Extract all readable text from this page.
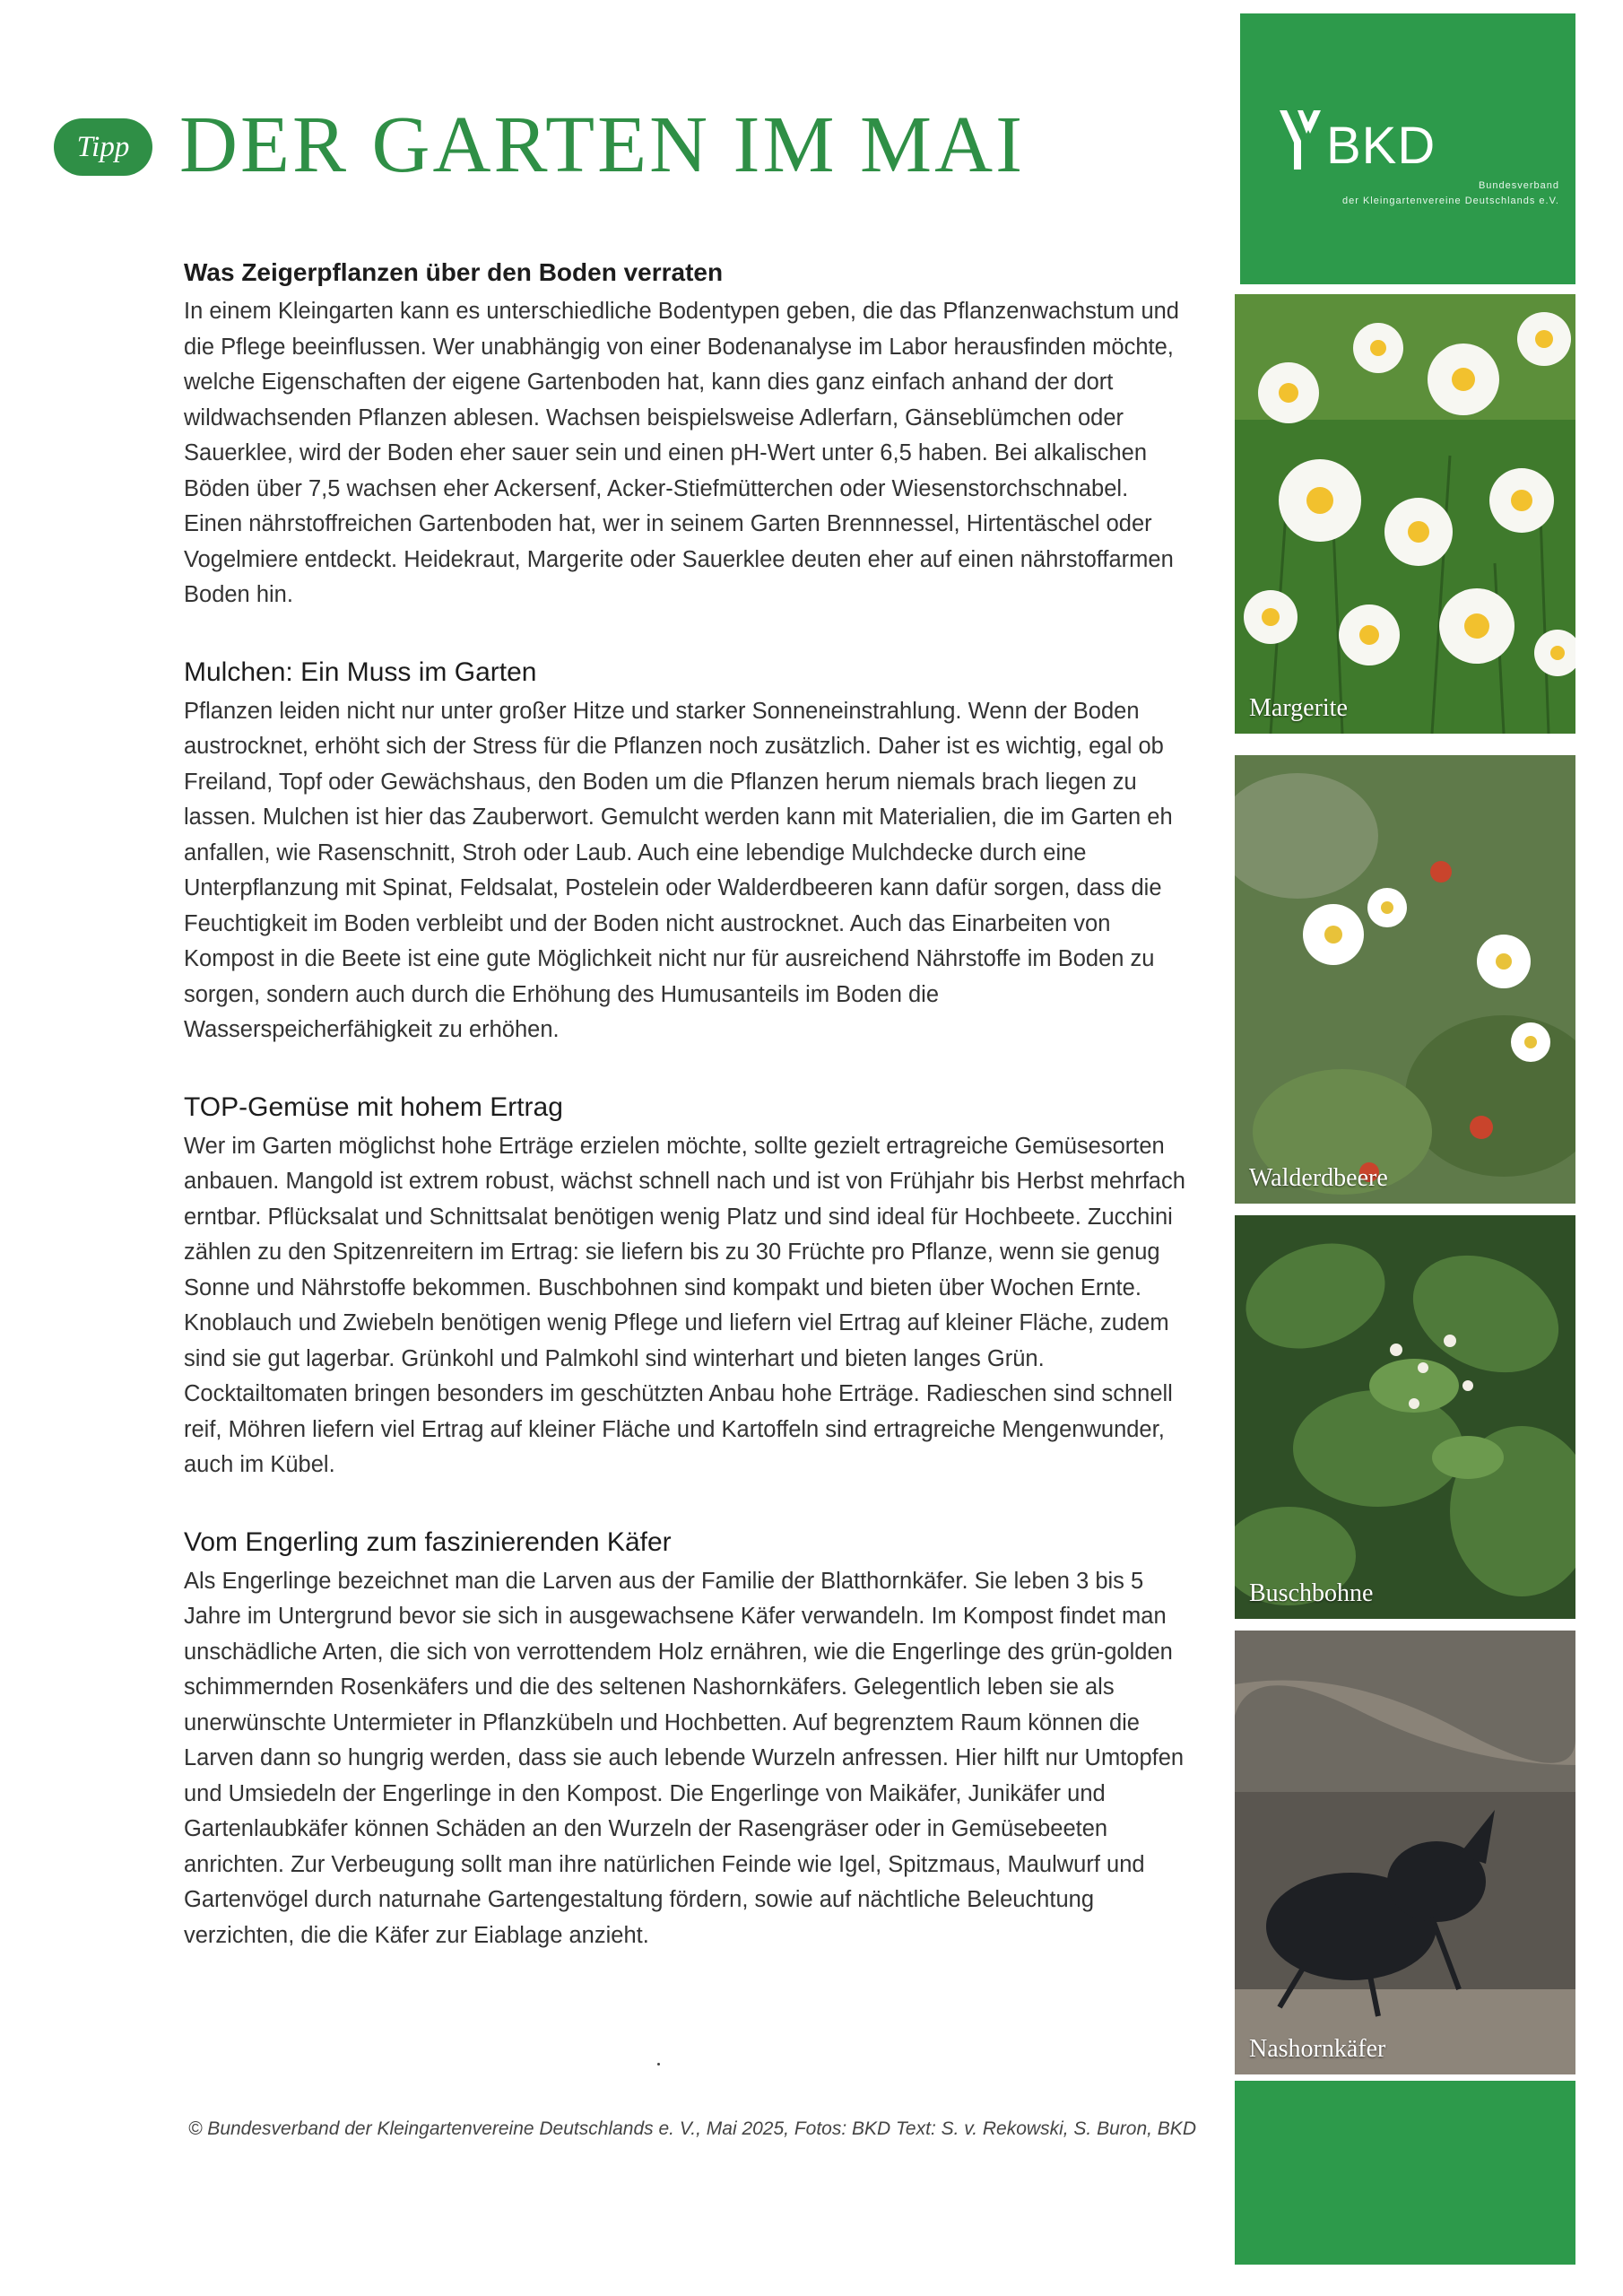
Tipp DER GARTEN IM MAI
Was Zeigerpflanzen über den Boden verraten

In einem Kleingarten kann es unterschiedliche Bodentypen geben, die das Pflanzenwachstum und die Pflege beeinflussen. Wer unabhängig von einer Bodenanalyse im Labor herausfinden möchte, welche Eigenschaften der eigene Gartenboden hat, kann dies ganz einfach anhand der dort wildwachsenden Pflanzen ablesen. Wachsen beispielsweise Adlerfarn, Gänseblümchen oder Sauerklee, wird der Boden eher sauer sein und einen pH-Wert unter 6,5 haben. Bei alkalischen Böden über 7,5 wachsen eher Ackersenf, Acker-Stiefmütterchen oder Wiesenstorchschnabel. Einen nährstoffreichen Gartenboden hat, wer in seinem Garten Brennnessel, Hirtentäschel oder Vogelmiere entdeckt. Heidekraut, Margerite oder Sauerklee deuten eher auf einen nährstoffarmen Boden hin.

Mulchen: Ein Muss im Garten

Pflanzen leiden nicht nur unter großer Hitze und starker Sonneneinstrahlung. Wenn der Boden austrocknet, erhöht sich der Stress für die Pflanzen noch zusätzlich. Daher ist es wichtig, egal ob Freiland, Topf oder Gewächshaus, den Boden um die Pflanzen herum niemals brach liegen zu lassen. Mulchen ist hier das Zauberwort. Gemulcht werden kann mit Materialien, die im Garten eh anfallen, wie Rasenschnitt, Stroh oder Laub. Auch eine lebendige Mulchdecke durch eine Unterpflanzung mit Spinat, Feldsalat, Postelein oder Walderdbeeren kann dafür sorgen, dass die Feuchtigkeit im Boden verbleibt und der Boden nicht austrocknet. Auch das Einarbeiten von Kompost in die Beete ist eine gute Möglichkeit nicht nur für ausreichend Nährstoffe im Boden zu sorgen, sondern auch durch die Erhöhung des Humusanteils im Boden die Wasserspeicherfähigkeit zu erhöhen.

TOP-Gemüse mit hohem Ertrag

Wer im Garten möglichst hohe Erträge erzielen möchte, sollte gezielt ertragreiche Gemüsesorten anbauen. Mangold ist extrem robust, wächst schnell nach und ist von Frühjahr bis Herbst mehrfach erntbar. Pflücksalat und Schnittsalat benötigen wenig Platz und sind ideal für Hochbeete. Zucchini zählen zu den Spitzenreitern im Ertrag: sie liefern bis zu 30 Früchte pro Pflanze, wenn sie genug Sonne und Nährstoffe bekommen. Buschbohnen sind kompakt und bieten über Wochen Ernte. Knoblauch und Zwiebeln benötigen wenig Pflege und liefern viel Ertrag auf kleiner Fläche, zudem sind sie gut lagerbar. Grünkohl und Palmkohl sind winterhart und bieten langes Grün. Cocktailtomaten bringen besonders im geschützten Anbau hohe Erträge. Radieschen sind schnell reif, Möhren liefern viel Ertrag auf kleiner Fläche und Kartoffeln sind ertragreiche Mengenwunder, auch im Kübel.

Vom Engerling zum faszinierenden Käfer

Als Engerlinge bezeichnet man die Larven aus der Familie der Blatthornkäfer. Sie leben 3 bis 5 Jahre im Untergrund bevor sie sich in ausgewachsene Käfer verwandeln. Im Kompost findet man unschädliche Arten, die sich von verrottendem Holz ernähren, wie die Engerlinge des grün-golden schimmernden Rosenkäfers und die des seltenen Nashornkäfers. Gelegentlich leben sie als unerwünschte Untermieter in Pflanzkübeln und Hochbetten. Auf begrenztem Raum können die Larven dann so hungrig werden, dass sie auch lebende Wurzeln anfressen. Hier hilft nur Umtopfen und Umsiedeln der Engerlinge in den Kompost. Die Engerlinge von Maikäfer, Junikäfer und Gartenlaubkäfer können Schäden an den Wurzeln der Rasengräser oder in Gemüsebeeten anrichten. Zur Verbeugung sollt man ihre natürlichen Feinde wie Igel, Spitzmaus, Maulwurf und Gartenvögel durch naturnahe Gartengestaltung fördern, sowie auf nächtliche Beleuchtung verzichten, die die Käfer zur Eiablage anzieht.

© Bundesverband der Kleingartenvereine Deutschlands e. V., Mai 2025, Fotos: BKD Text: S. v. Rekowski, S. Buron, BKD
BKD
Bundesverband
der Kleingartenvereine Deutschlands e.V.
Margerite
Walderdbeere
Buschbohne
Nashornkäfer
